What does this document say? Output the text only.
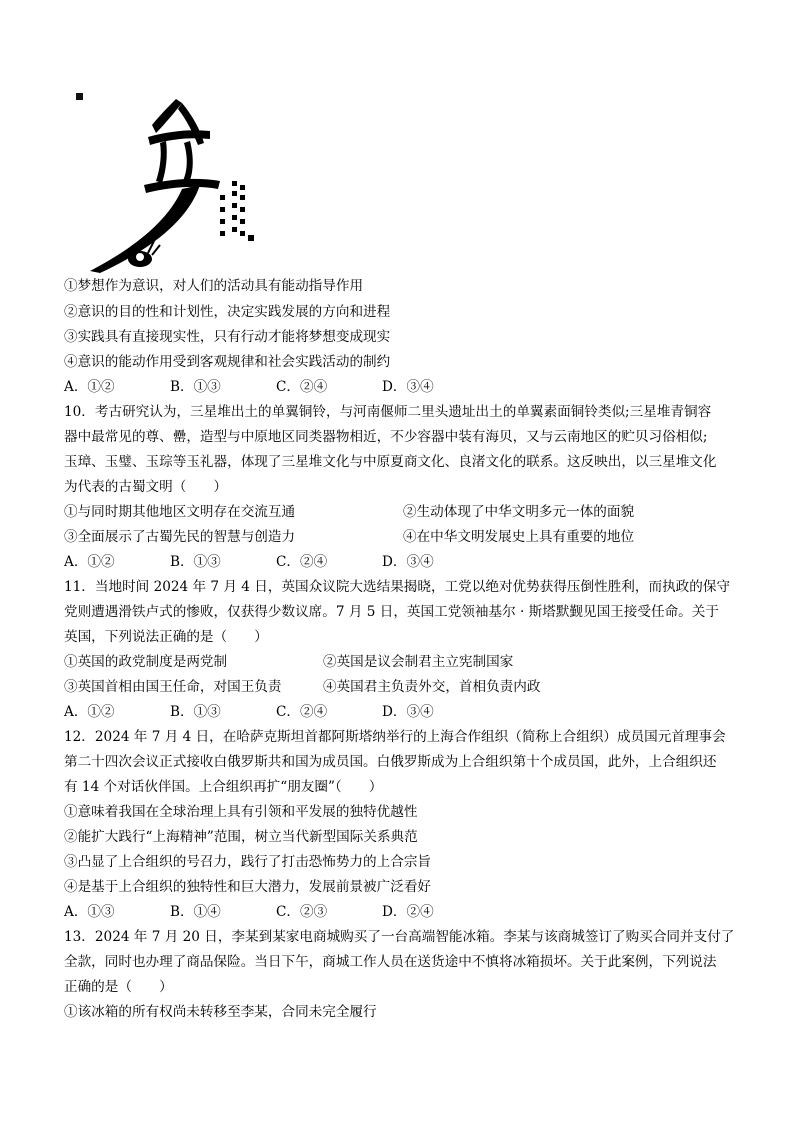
①梦想作为意识，对人们的活动具有能动指导作用
②意识的目的性和计划性，决定实践发展的方向和进程
③实践具有直接现实性，只有行动才能将梦想变成现实
④意识的能动作用受到客观规律和社会实践活动的制约
A．①②	B．①③	C．②④	D．③④
10．考古研究认为，三星堆出土的单翼铜铃，与河南偃师二里头遗址出土的单翼素面铜铃类似;三星堆青铜容
器中最常见的尊、罍，造型与中原地区同类器物相近，不少容器中装有海贝，又与云南地区的贮贝习俗相似;
玉璋、玉璧、玉琮等玉礼器，体现了三星堆文化与中原夏商文化、良渚文化的联系。这反映出，以三星堆文化
为代表的古蜀文明（　　）
①与同时期其他地区文明存在交流互通	②生动体现了中华文明多元一体的面貌
③全面展示了古蜀先民的智慧与创造力	④在中华文明发展史上具有重要的地位
A．①②	B．①③	C．②④	D．③④
11．当地时间 2024 年 7 月 4 日，英国众议院大选结果揭晓，工党以绝对优势获得压倒性胜利，而执政的保守
党则遭遇滑铁卢式的惨败，仅获得少数议席。7 月 5 日，英国工党领袖基尔 · 斯塔默觐见国王接受任命。关于
英国，下列说法正确的是（　　）
①英国的政党制度是两党制	②英国是议会制君主立宪制国家
③英国首相由国王任命，对国王负责	④英国君主负责外交，首相负责内政
A．①②	B．①③	C．②④	D．③④
12．2024 年 7 月 4 日，在哈萨克斯坦首都阿斯塔纳举行的上海合作组织（简称上合组织）成员国元首理事会
第二十四次会议正式接收白俄罗斯共和国为成员国。白俄罗斯成为上合组织第十个成员国，此外，上合组织还
有 14 个对话伙伴国。上合组织再扩“朋友圈”（　　）
①意味着我国在全球治理上具有引领和平发展的独特优越性
②能扩大践行“上海精神”范围，树立当代新型国际关系典范
③凸显了上合组织的号召力，践行了打击恐怖势力的上合宗旨
④是基于上合组织的独特性和巨大潜力，发展前景被广泛看好
A．①③	B．①④	C．②③	D．②④
13．2024 年 7 月 20 日，李某到某家电商城购买了一台高端智能冰箱。李某与该商城签订了购买合同并支付了
全款，同时也办理了商品保险。当日下午，商城工作人员在送货途中不慎将冰箱损坏。关于此案例，下列说法
正确的是（　　）
①该冰箱的所有权尚未转移至李某，合同未完全履行
